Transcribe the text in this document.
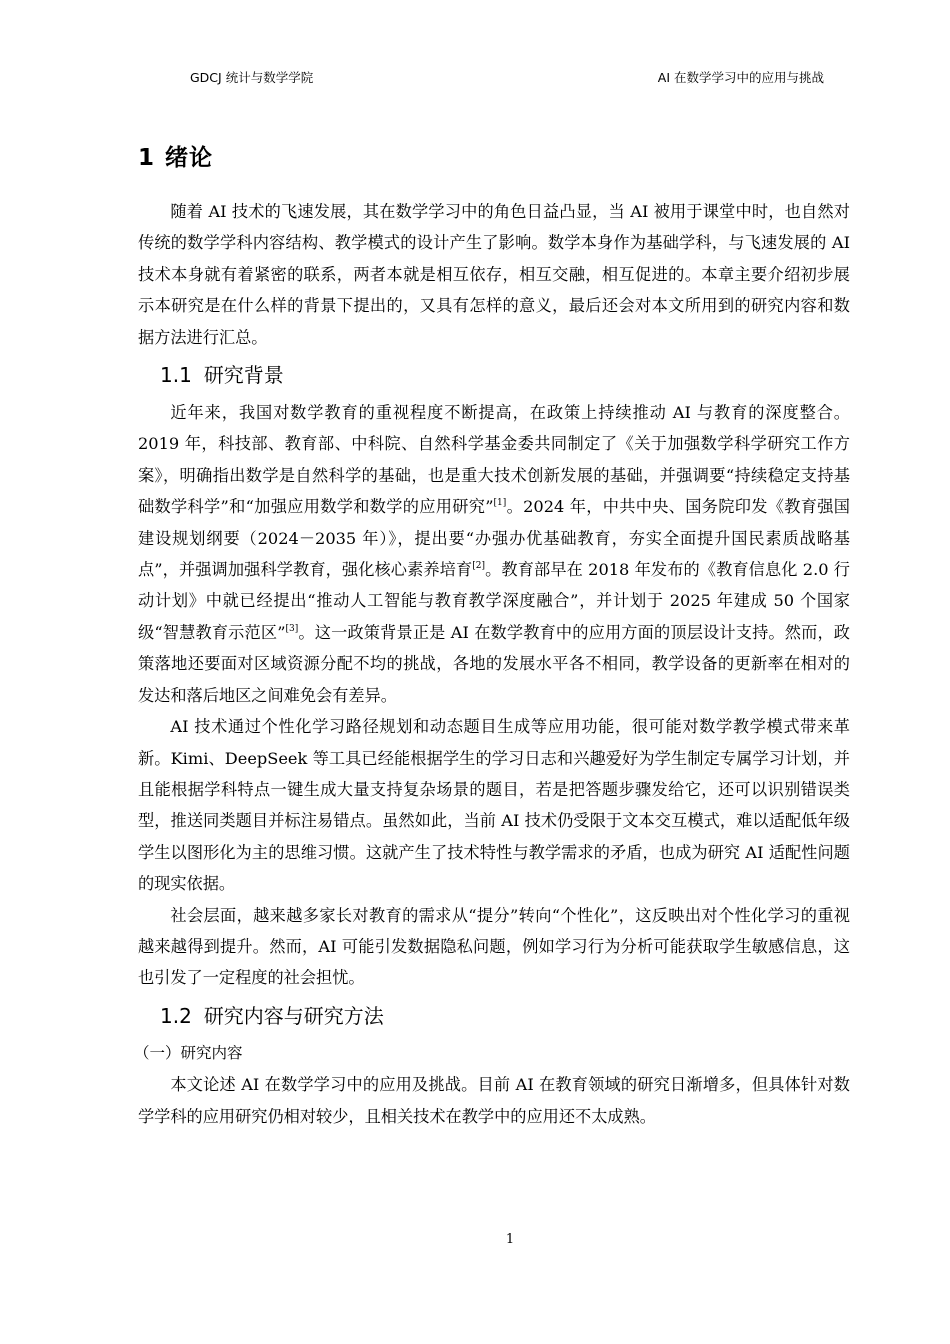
GDCJ 统计与数学学院	AI 在数学学习中的应用与挑战
1 绪论

随着 AI 技术的飞速发展，其在数学学习中的角色日益凸显，当 AI 被用于课堂中时，也自然对传统的数学学科内容结构、教学模式的设计产生了影响。数学本身作为基础学科，与飞速发展的 AI 技术本身就有着紧密的联系，两者本就是相互依存，相互交融，相互促进的。本章主要介绍初步展示本研究是在什么样的背景下提出的，又具有怎样的意义，最后还会对本文所用到的研究内容和数据方法进行汇总。

1.1 研究背景

近年来，我国对数学教育的重视程度不断提高，在政策上持续推动 AI 与教育的深度整合。2019 年，科技部、教育部、中科院、自然科学基金委共同制定了《关于加强数学科学研究工作方案》，明确指出数学是自然科学的基础，也是重大技术创新发展的基础，并强调要“持续稳定支持基础数学科学”和“加强应用数学和数学的应用研究”[1]。2024 年，中共中央、国务院印发《教育强国建设规划纲要（2024－2035 年）》，提出要“办强办优基础教育，夯实全面提升国民素质战略基点”，并强调加强科学教育，强化核心素养培育[2]。教育部早在 2018 年发布的《教育信息化 2.0 行动计划》中就已经提出“推动人工智能与教育教学深度融合”，并计划于 2025 年建成 50 个国家级“智慧教育示范区”[3]。这一政策背景正是 AI 在数学教育中的应用方面的顶层设计支持。然而，政策落地还要面对区域资源分配不均的挑战，各地的发展水平各不相同，教学设备的更新率在相对的发达和落后地区之间难免会有差异。

AI 技术通过个性化学习路径规划和动态题目生成等应用功能，很可能对数学教学模式带来革新。Kimi、DeepSeek 等工具已经能根据学生的学习日志和兴趣爱好为学生制定专属学习计划，并且能根据学科特点一键生成大量支持复杂场景的题目，若是把答题步骤发给它，还可以识别错误类型，推送同类题目并标注易错点。虽然如此，当前 AI 技术仍受限于文本交互模式，难以适配低年级学生以图形化为主的思维习惯。这就产生了技术特性与教学需求的矛盾，也成为研究 AI 适配性问题的现实依据。

社会层面，越来越多家长对教育的需求从“提分”转向“个性化”，这反映出对个性化学习的重视越来越得到提升。然而，AI 可能引发数据隐私问题，例如学习行为分析可能获取学生敏感信息，这也引发了一定程度的社会担忧。

1.2 研究内容与研究方法

（一）研究内容

本文论述 AI 在数学学习中的应用及挑战。目前 AI 在教育领域的研究日渐增多，但具体针对数学学科的应用研究仍相对较少，且相关技术在教学中的应用还不太成熟。

1
